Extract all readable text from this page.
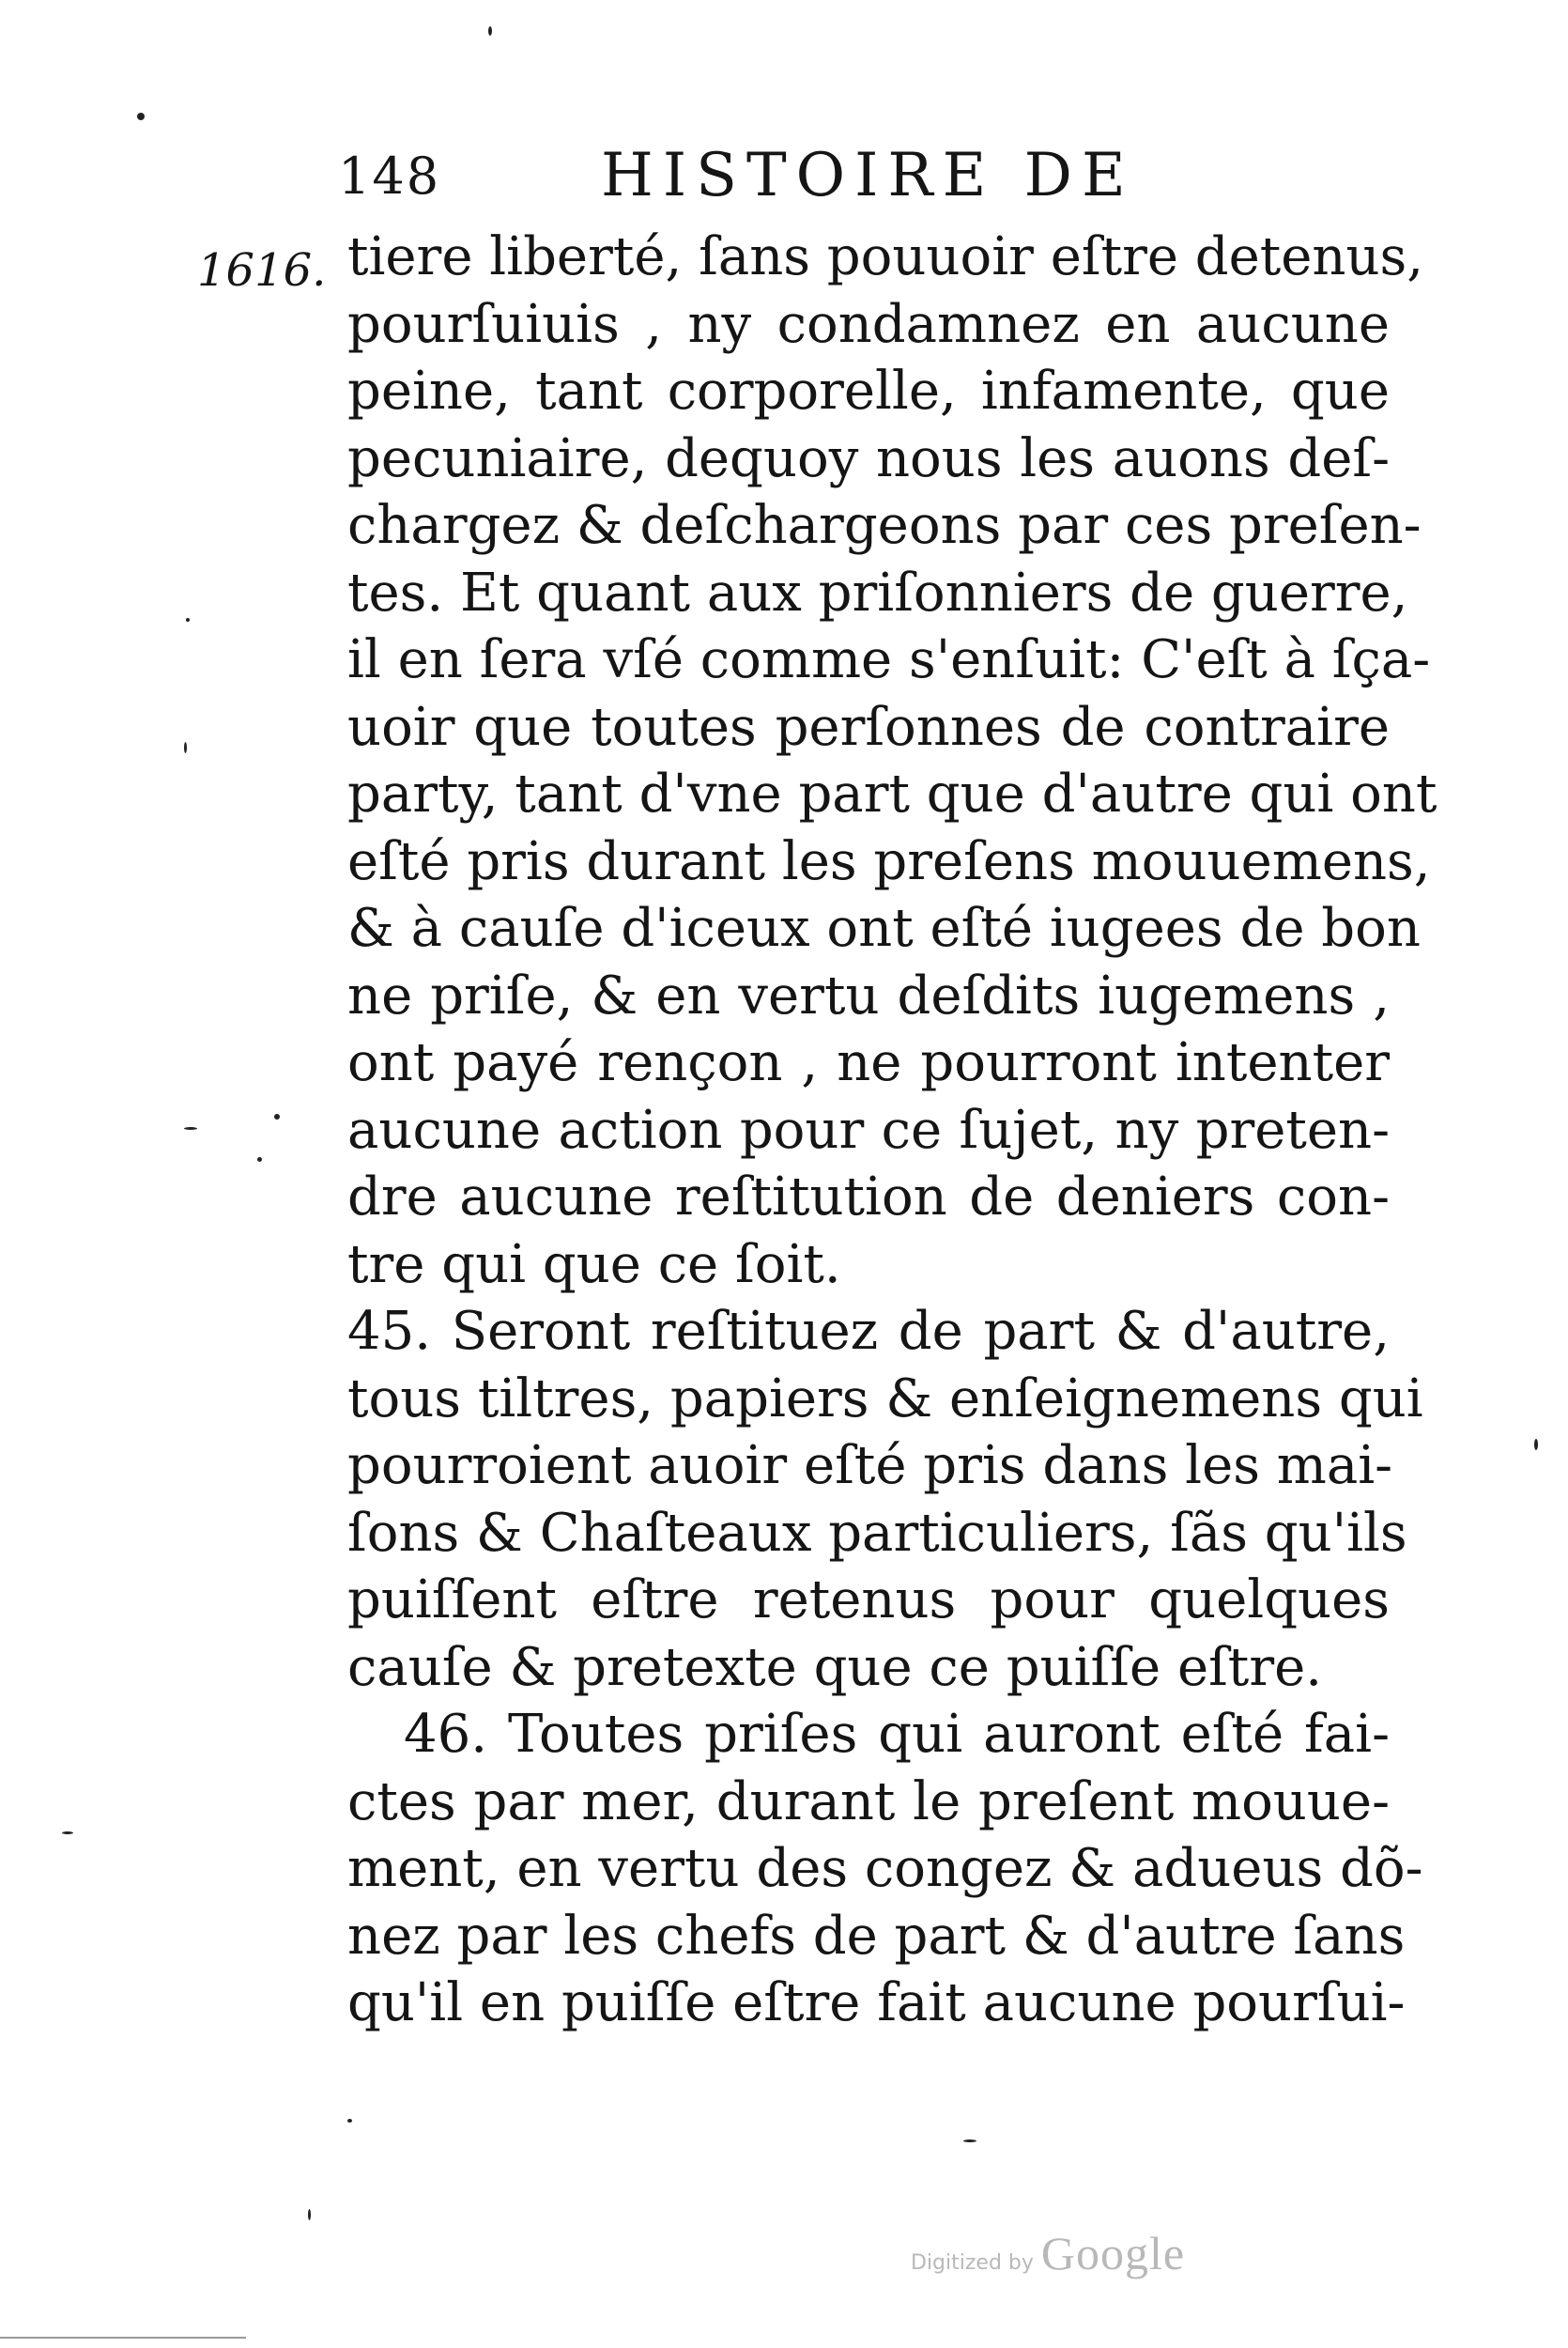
148	HISTOIRE DE
1616. tiere liberté, ſans pouuoir eſtre detenus,
pourſuiuis , ny condamnez en aucune
peine, tant corporelle, infamente, que
pecuniaire, dequoy nous les auons deſ-
chargez & deſchargeons par ces preſen-
tes. Et quant aux priſonniers de guerre,
il en ſera vſé comme s'enſuit: C'eſt à ſça-
uoir que toutes perſonnes de contraire
party, tant d'vne part que d'autre qui ont
eſté pris durant les preſens mouuemens,
& à cauſe d'iceux ont eſté iugees de bon
ne priſe, & en vertu deſdits iugemens ,
ont payé rençon , ne pourront intenter
aucune action pour ce ſujet, ny preten-
dre aucune reſtitution de deniers con-
tre qui que ce ſoit.
45. Seront reſtituez de part & d'autre,
tous tiltres, papiers & enſeignemens qui
pourroient auoir eſté pris dans les mai-
ſons & Chaſteaux particuliers, ſãs qu'ils
puiſſent eſtre retenus pour quelques
cauſe & pretexte que ce puiſſe eſtre.
46. Toutes priſes qui auront eſté fai-
ctes par mer, durant le preſent mouue-
ment, en vertu des congez & adueus dõ-
nez par les chefs de part & d'autre ſans
qu'il en puiſſe eſtre fait aucune pourſui-
Digitized by Google
